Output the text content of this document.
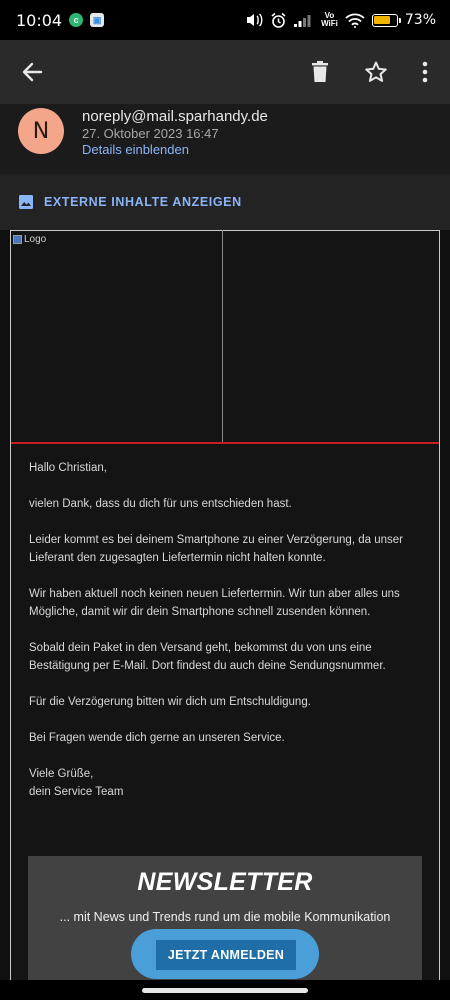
10:04	c	▣	Vo
WiFi	73%
N
noreply@mail.sparhandy.de
27. Oktober 2023 16:47
Details einblenden
EXTERNE INHALTE ANZEIGEN
Logo

Hallo Christian,

vielen Dank, dass du dich für uns entschieden hast.

Leider kommt es bei deinem Smartphone zu einer Verzögerung, da unser Lieferant den zugesagten Liefertermin nicht halten konnte.

Wir haben aktuell noch keinen neuen Liefertermin. Wir tun aber alles uns Mögliche, damit wir dir dein Smartphone schnell zusenden können.

Sobald dein Paket in den Versand geht, bekommst du von uns eine Bestätigung per E-Mail. Dort findest du auch deine Sendungsnummer.

Für die Verzögerung bitten wir dich um Entschuldigung.

Bei Fragen wende dich gerne an unseren Service.

Viele Grüße,
dein Service Team
NEWSLETTER
... mit News und Trends rund um die mobile Kommunikation
JETZT ANMELDEN
